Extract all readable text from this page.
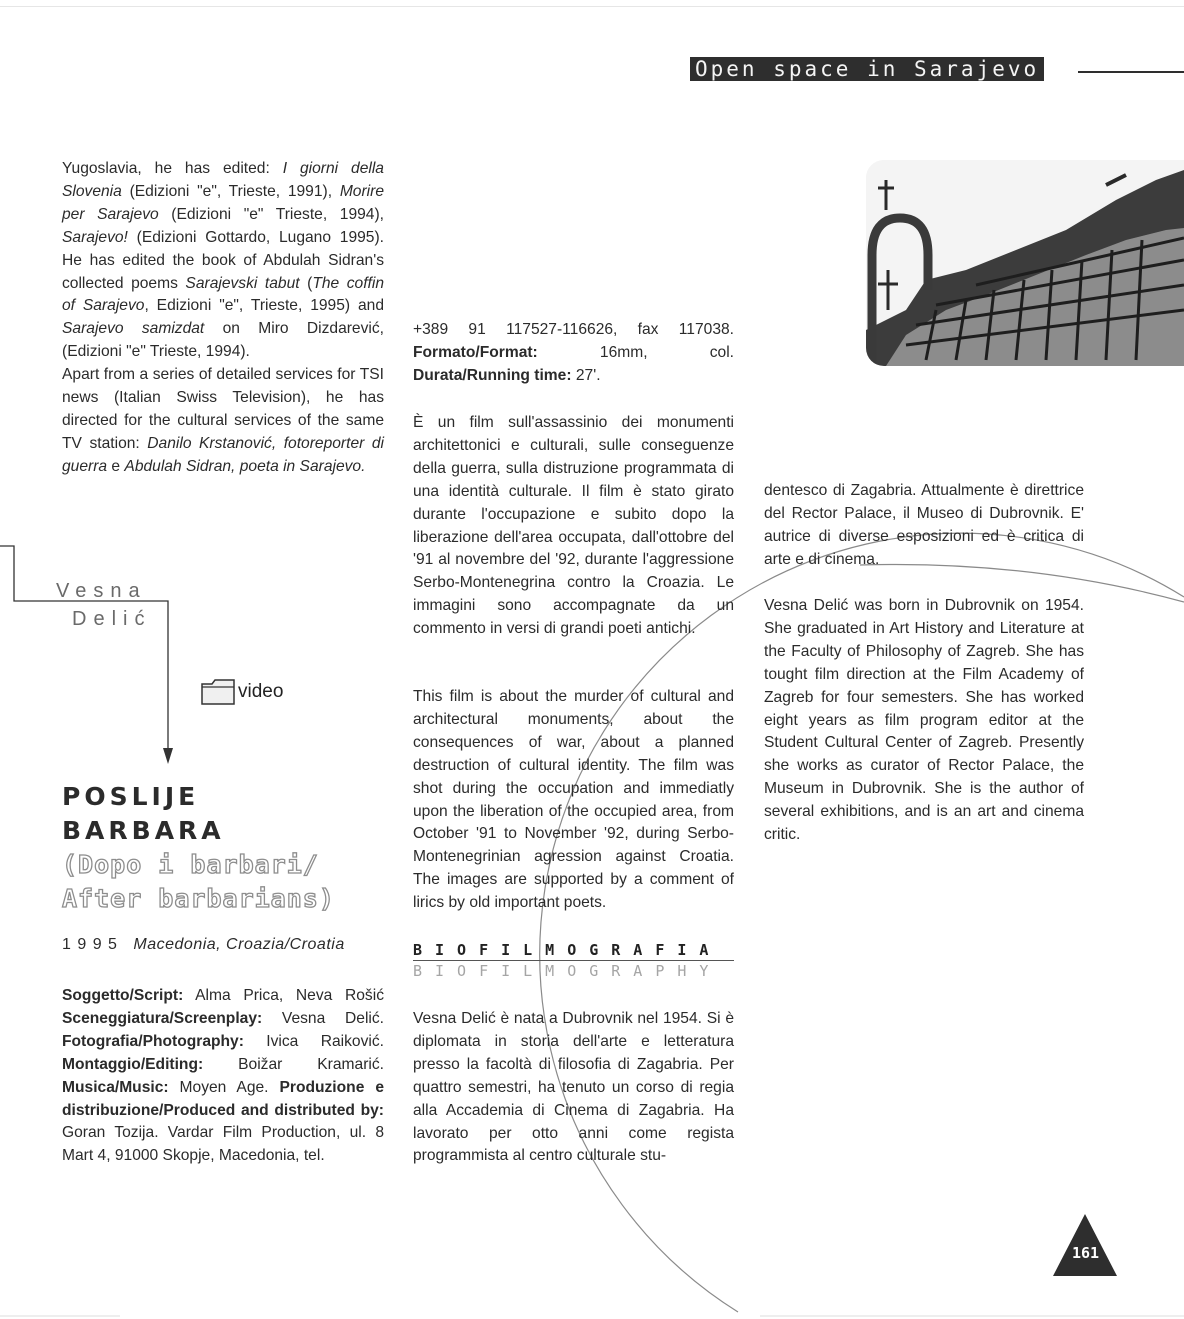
Open space in Sarajevo

Yugoslavia, he has edited: I giorni della Slovenia (Edizioni "e", Trieste, 1991), Morire per Sarajevo (Edizioni "e" Trieste, 1994), Sarajevo! (Edizioni Gottardo, Lugano 1995). He has edited the book of Abdulah Sidran's collected poems Sarajevski tabut (The coffin of Sarajevo, Edizioni "e", Trieste, 1995) and Sarajevo samizdat on Miro Dizdarević, (Edizioni "e" Trieste, 1994).

Apart from a series of detailed services for TSI news (Italian Swiss Television), he has directed for the cultural services of the same TV station: Danilo Krstanović, fotoreporter di guerra e Abdulah Sidran, poeta in Sarajevo.

Vesna
Delić
video
POSLIJE
BARBARA
(Dopo i barbari/
After barbarians)
1 9 9 5 Macedonia, Croazia/Croatia

Soggetto/Script: Alma Prica, Neva Rošić Sceneggiatura/Screenplay: Vesna Delić. Fotografia/Photography: Ivica Raiković. Montaggio/Editing: Boižar Kramarić. Musica/Music: Moyen Age. Produzione e distribuzione/Produced and distributed by: Goran Tozija. Vardar Film Production, ul. 8 Mart 4, 91000 Skopje, Macedonia, tel.

+389 91 117527-116626, fax 117038. Formato/Format: 16mm, col. Durata/Running time: 27'.

È un film sull'assassinio dei monumenti architettonici e culturali, sulle conseguenze della guerra, sulla distruzione programmata di una identità culturale. Il film è stato girato durante l'occupazione e subito dopo la liberazione dell'area occupata, dall'ottobre del '91 al novembre del '92, durante l'aggressione Serbo-Montenegrina contro la Croazia. Le immagini sono accompagnate da un commento in versi di grandi poeti antichi.

This film is about the murder of cultural and architectural monuments, about the consequences of war, about a planned destruction of cultural identity. The film was shot during the occupation and immediatly upon the liberation of the occupied area, from October '91 to November '92, during Serbo-Montenegrinian agression against Croatia. The images are supported by a comment of lirics by old important poets.

BIOFILMOGRAFIA
BIOFILMOGRAPHY

Vesna Delić è nata a Dubrovnik nel 1954. Si è diplomata in storia dell'arte e letteratura presso la facoltà di filosofia di Zagabria. Per quattro semestri, ha tenuto un corso di regia alla Accademia di Cinema di Zagabria. Ha lavorato per otto anni come regista programmista al centro culturale stu-

dentesco di Zagabria. Attualmente è direttrice del Rector Palace, il Museo di Dubrovnik. E' autrice di diverse esposizioni ed è critica di arte e di cinema.

Vesna Delić was born in Dubrovnik on 1954. She graduated in Art History and Literature at the Faculty of Philosophy of Zagreb. She has tought film direction at the Film Academy of Zagreb for four semesters. She has worked eight years as film program editor at the Student Cultural Center of Zagreb. Presently she works as curator of Rector Palace, the Museum in Dubrovnik. She is the author of several exhibitions, and is an art and cinema critic.

161
